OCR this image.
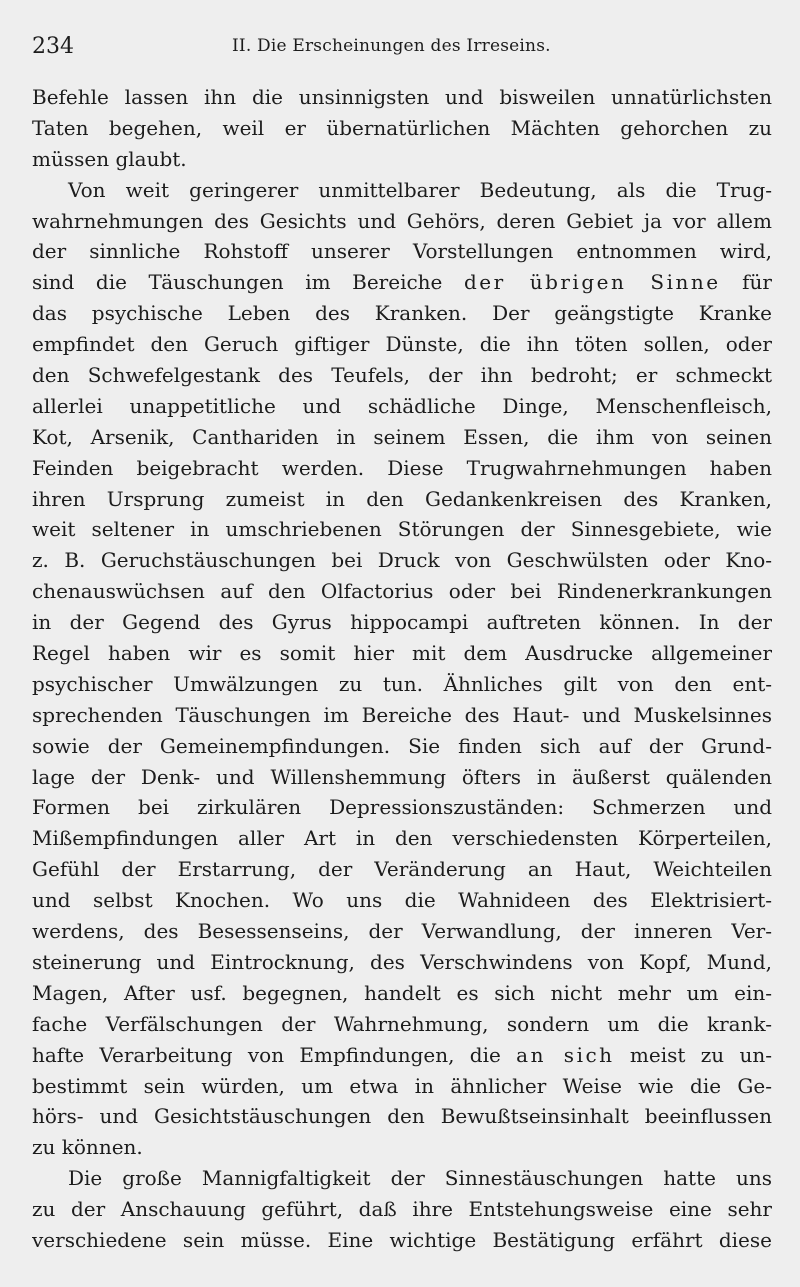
234	II. Die Erscheinungen des Irreseins.
Befehle lassen ihn die unsinnigsten und bisweilen unnatürlichsten
Taten begehen, weil er übernatürlichen Mächten gehorchen zu
müssen glaubt.
Von weit geringerer unmittelbarer Bedeutung, als die Trug-
wahrnehmungen des Gesichts und Gehörs, deren Gebiet ja vor allem
der sinnliche Rohstoff unserer Vorstellungen entnommen wird,
sind die Täuschungen im Bereiche der übrigen Sinne für
das psychische Leben des Kranken. Der geängstigte Kranke
empfindet den Geruch giftiger Dünste, die ihn töten sollen, oder
den Schwefelgestank des Teufels, der ihn bedroht; er schmeckt
allerlei unappetitliche und schädliche Dinge, Menschenfleisch,
Kot, Arsenik, Canthariden in seinem Essen, die ihm von seinen
Feinden beigebracht werden. Diese Trugwahrnehmungen haben
ihren Ursprung zumeist in den Gedankenkreisen des Kranken,
weit seltener in umschriebenen Störungen der Sinnesgebiete, wie
z. B. Geruchstäuschungen bei Druck von Geschwülsten oder Kno-
chenauswüchsen auf den Olfactorius oder bei Rindenerkrankungen
in der Gegend des Gyrus hippocampi auftreten können. In der
Regel haben wir es somit hier mit dem Ausdrucke allgemeiner
psychischer Umwälzungen zu tun. Ähnliches gilt von den ent-
sprechenden Täuschungen im Bereiche des Haut- und Muskelsinnes
sowie der Gemeinempfindungen. Sie finden sich auf der Grund-
lage der Denk- und Willenshemmung öfters in äußerst quälenden
Formen bei zirkulären Depressionszuständen: Schmerzen und
Mißempfindungen aller Art in den verschiedensten Körperteilen,
Gefühl der Erstarrung, der Veränderung an Haut, Weichteilen
und selbst Knochen. Wo uns die Wahnideen des Elektrisiert-
werdens, des Besessenseins, der Verwandlung, der inneren Ver-
steinerung und Eintrocknung, des Verschwindens von Kopf, Mund,
Magen, After usf. begegnen, handelt es sich nicht mehr um ein-
fache Verfälschungen der Wahrnehmung, sondern um die krank-
hafte Verarbeitung von Empfindungen, die an sich meist zu un-
bestimmt sein würden, um etwa in ähnlicher Weise wie die Ge-
hörs- und Gesichtstäuschungen den Bewußtseinsinhalt beeinflussen
zu können.
Die große Mannigfaltigkeit der Sinnestäuschungen hatte uns
zu der Anschauung geführt, daß ihre Entstehungsweise eine sehr
verschiedene sein müsse. Eine wichtige Bestätigung erfährt diese
